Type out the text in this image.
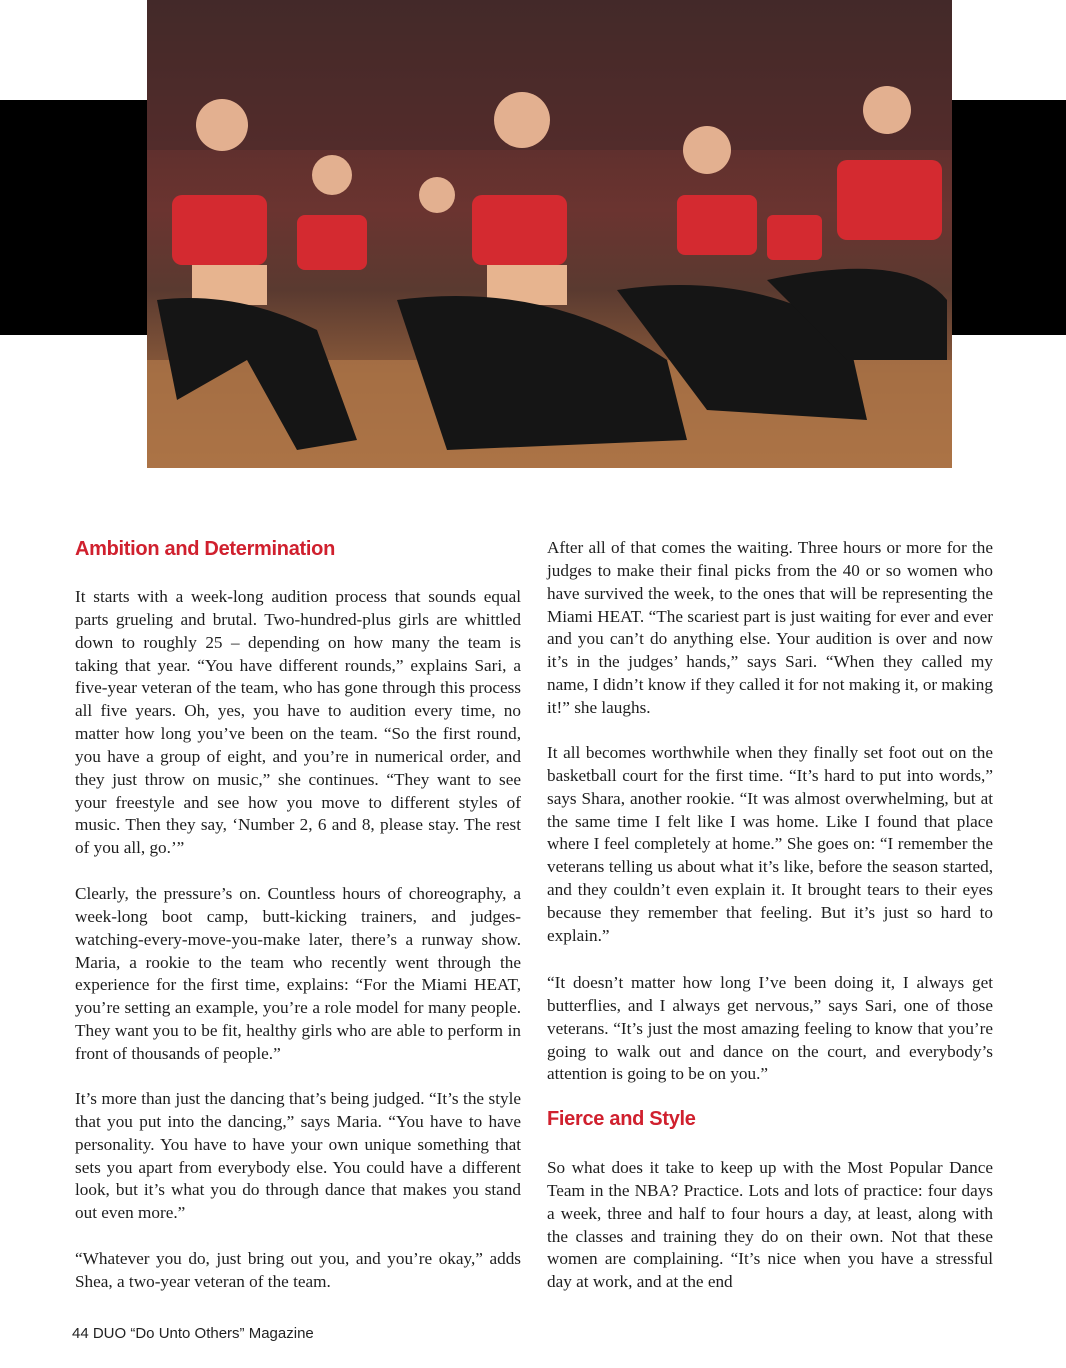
Ambition and Determination

It starts with a week-long audition process that sounds equal parts grueling and brutal. Two-hundred-plus girls are whittled down to roughly 25 – depending on how many the team is taking that year. “You have different rounds,” explains Sari, a five-year veteran of the team, who has gone through this process all five years. Oh, yes, you have to audition every time, no matter how long you’ve been on the team. “So the first round, you have a group of eight, and you’re in numerical order, and they just throw on music,” she continues. “They want to see your freestyle and see how you move to different styles of music. Then they say, ‘Number 2, 6 and 8, please stay. The rest of you all, go.’”

Clearly, the pressure’s on. Countless hours of choreography, a week-long boot camp, butt-kicking trainers, and judges-watching-every-move-you-make later, there’s a runway show. Maria, a rookie to the team who recently went through the experience for the first time, explains: “For the Miami HEAT, you’re setting an example, you’re a role model for many people. They want you to be fit, healthy girls who are able to perform in front of thousands of people.”

It’s more than just the dancing that’s being judged. “It’s the style that you put into the dancing,” says Maria. “You have to have personality. You have to have your own unique something that sets you apart from everybody else. You could have a different look, but it’s what you do through dance that makes you stand out even more.”

“Whatever you do, just bring out you, and you’re okay,” adds Shea, a two-year veteran of the team.

After all of that comes the waiting. Three hours or more for the judges to make their final picks from the 40 or so women who have survived the week, to the ones that will be representing the Miami HEAT. “The scariest part is just waiting for ever and ever and you can’t do anything else. Your audition is over and now it’s in the judges’ hands,” says Sari. “When they called my name, I didn’t know if they called it for not making it, or making it!” she laughs.

It all becomes worthwhile when they finally set foot out on the basketball court for the first time. “It’s hard to put into words,” says Shara, another rookie. “It was almost overwhelming, but at the same time I felt like I was home. Like I found that place where I feel completely at home.” She goes on: “I remember the veterans telling us about what it’s like, before the season started, and they couldn’t even explain it. It brought tears to their eyes because they remember that feeling. But it’s just so hard to explain.”

“It doesn’t matter how long I’ve been doing it, I always get butterflies, and I always get nervous,” says Sari, one of those veterans. “It’s just the most amazing feeling to know that you’re going to walk out and dance on the court, and everybody’s attention is going to be on you.”

Fierce and Style

So what does it take to keep up with the Most Popular Dance Team in the NBA? Practice. Lots and lots of practice: four days a week, three and half to four hours a day, at least, along with the classes and training they do on their own. Not that these women are complaining. “It’s nice when you have a stressful day at work, and at the end

44 DUO “Do Unto Others” Magazine
